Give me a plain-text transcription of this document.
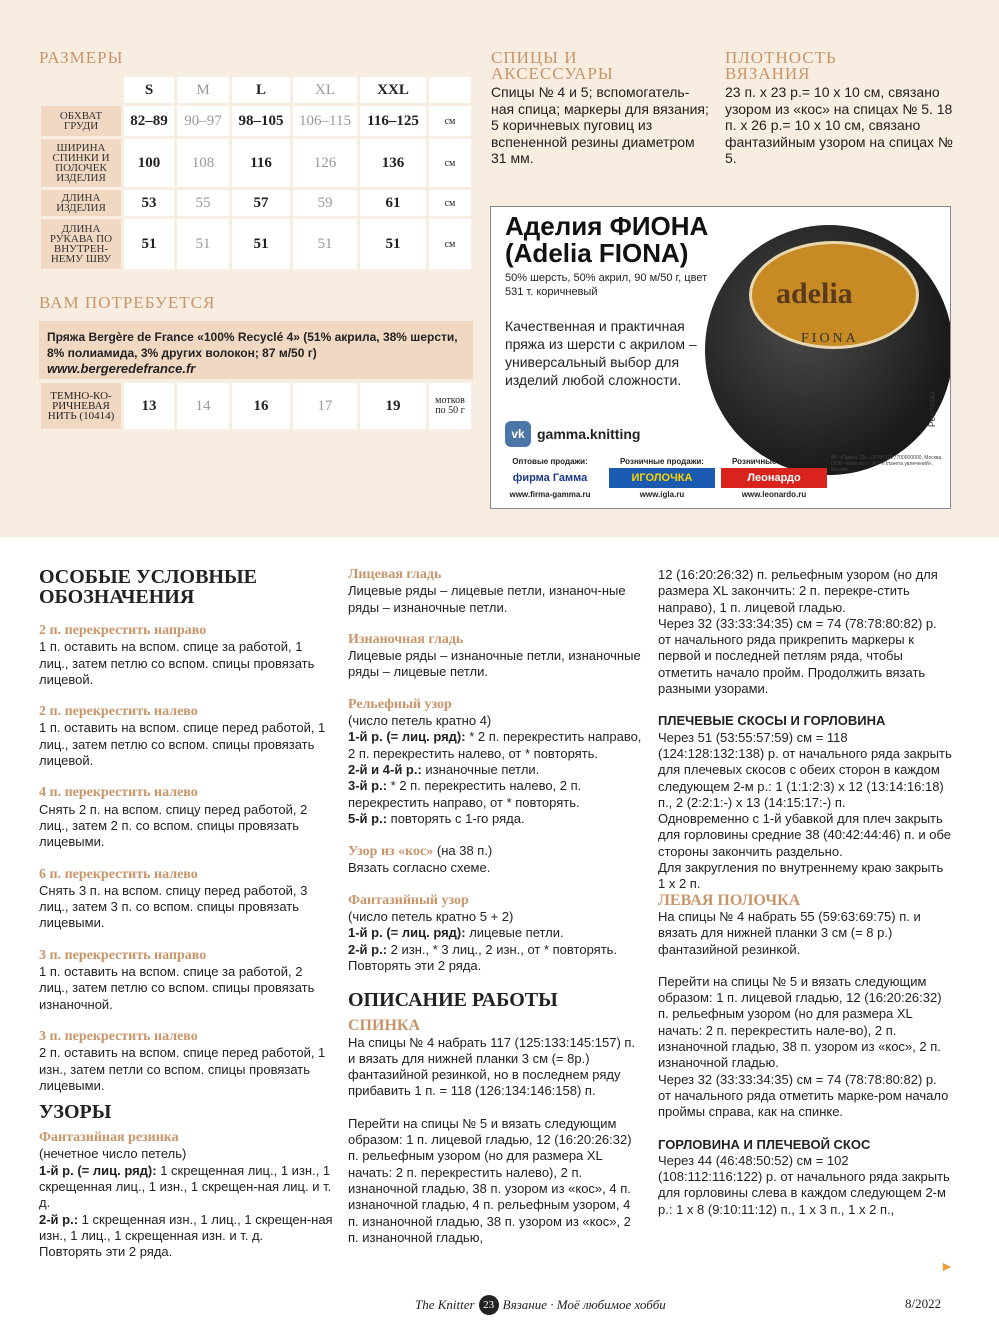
РАЗМЕРЫ
	S	M	L	XL	XXL	
ОБХВАТ ГРУДИ	82–89	90–97	98–105	106–115	116–125	см
ШИРИНА СПИНКИ И ПОЛОЧЕК ИЗДЕЛИЯ	100	108	116	126	136	см
ДЛИНА ИЗДЕЛИЯ	53	55	57	59	61	см
ДЛИНА РУКАВА ПО ВНУТРЕН-НЕМУ ШВУ	51	51	51	51	51	см
СПИЦЫ И АКСЕССУАРЫ
Спицы № 4 и 5; вспомогатель-ная спица; маркеры для вязания; 5 коричневых пуговиц из вспененной резины диаметром 31 мм.
ПЛОТНОСТЬ ВЯЗАНИЯ
23 п. х 23 р.= 10 х 10 см, связано узором из «кос» на спицах № 5. 18 п. х 26 р.= 10 х 10 см, связано фантазийным узором на спицах № 5.
ВАМ ПОТРЕБУЕТСЯ
Пряжа Bergère de France «100% Recyclé 4» (51% акрила, 38% шерсти, 8% полиамида, 3% других волокон; 87 м/50 г)
www.bergeredefrance.fr
ТЕМНО-КО-РИЧНЕВАЯ НИТЬ (10414)	13	14	16	17	19	мотков по 50 г
adelia
FIONA
Аделия ФИОНА (Adelia FIONA)
50% шерсть, 50% акрил, 90 м/50 г, цвет 531 т. коричневый
Качественная и практичная пряжа из шерсти с акрилом – универсальный выбор для изделий любой сложности.
vk gamma.knitting
Реклама
Оптовые продажи:
фирма Гамма
www.firma-gamma.ru
Розничные продажи:
ИГОЛОЧКА
www.igla.ru
Розничные продажи:
Леонардо
www.leonardo.ru
АО «Гамма ТД», ОГРН 1027700000000, Москва. ООО «Камелот». АО «Планета увлечений», Москва.

ОСОБЫЕ УСЛОВНЫЕ ОБОЗНАЧЕНИЯ

2 п. перекрестить направо

1 п. оставить на вспом. спице за работой, 1 лиц., затем петлю со вспом. спицы провязать лицевой.

2 п. перекрестить налево

1 п. оставить на вспом. спице перед работой, 1 лиц., затем петлю со вспом. спицы провязать лицевой.

4 п. перекрестить налево

Снять 2 п. на вспом. спицу перед работой, 2 лиц., затем 2 п. со вспом. спицы провязать лицевыми.

6 п. перекрестить налево

Снять 3 п. на вспом. спицу перед работой, 3 лиц., затем 3 п. со вспом. спицы провязать лицевыми.

3 п. перекрестить направо

1 п. оставить на вспом. спице за работой, 2 лиц., затем петлю со вспом. спицы провязать изнаночной.

3 п. перекрестить налево

2 п. оставить на вспом. спице перед работой, 1 изн., затем петли со вспом. спицы провязать лицевыми.

УЗОРЫ

Фантазийная резинка

(нечетное число петель)

1-й р. (= лиц. ряд): 1 скрещенная лиц., 1 изн., 1 скрещенная лиц., 1 изн., 1 скрещен-ная лиц. и т. д.

2-й р.: 1 скрещенная изн., 1 лиц., 1 скрещен-ная изн., 1 лиц., 1 скрещенная изн. и т. д.

Повторять эти 2 ряда.

Лицевая гладь

Лицевые ряды – лицевые петли, изнаноч-ные ряды – изнаночные петли.

Изнаночная гладь

Лицевые ряды – изнаночные петли, изнаночные ряды – лицевые петли.

Рельефный узор

(число петель кратно 4)

1-й р. (= лиц. ряд): * 2 п. перекрестить направо, 2 п. перекрестить налево, от * повторять.

2-й и 4-й р.: изнаночные петли.

3-й р.: * 2 п. перекрестить налево, 2 п. перекрестить направо, от * повторять.

5-й р.: повторять с 1-го ряда.

Узор из «кос» (на 38 п.)

Вязать согласно схеме.

Фантазийный узор

(число петель кратно 5 + 2)

1-й р. (= лиц. ряд): лицевые петли.

2-й р.: 2 изн., * 3 лиц., 2 изн., от * повторять.

Повторять эти 2 ряда.

ОПИСАНИЕ РАБОТЫ

СПИНКА

На спицы № 4 набрать 117 (125:133:145:157) п. и вязать для нижней планки 3 см (= 8р.) фантазийной резинкой, но в последнем ряду прибавить 1 п. = 118 (126:134:146:158) п.

Перейти на спицы № 5 и вязать следующим образом: 1 п. лицевой гладью, 12 (16:20:26:32) п. рельефным узором (но для размера XL начать: 2 п. перекрестить налево), 2 п. изнаночной гладью, 38 п. узором из «кос», 4 п. изнаночной гладью, 4 п. рельефным узором, 4 п. изнаночной гладью, 38 п. узором из «кос», 2 п. изнаночной гладью,

12 (16:20:26:32) п. рельефным узором (но для размера XL закончить: 2 п. перекре-стить направо), 1 п. лицевой гладью.

Через 32 (33:33:34:35) см = 74 (78:78:80:82) р. от начального ряда прикрепить маркеры к первой и последней петлям ряда, чтобы отметить начало пройм. Продолжить вязать разными узорами.

ПЛЕЧЕВЫЕ СКОСЫ И ГОРЛОВИНА

Через 51 (53:55:57:59) см = 118 (124:128:132:138) р. от начального ряда закрыть для плечевых скосов с обеих сторон в каждом следующем 2-м р.: 1 (1:1:2:3) х 12 (13:14:16:18) п., 2 (2:2:1:-) х 13 (14:15:17:-) п.

Одновременно с 1-й убавкой для плеч закрыть для горловины средние 38 (40:42:44:46) п. и обе стороны закончить раздельно.

Для закругления по внутреннему краю закрыть 1 х 2 п.

ЛЕВАЯ ПОЛОЧКА

На спицы № 4 набрать 55 (59:63:69:75) п. и вязать для нижней планки 3 см (= 8 р.) фантазийной резинкой.

Перейти на спицы № 5 и вязать следующим образом: 1 п. лицевой гладью, 12 (16:20:26:32) п. рельефным узором (но для размера XL начать: 2 п. перекрестить нале-во), 2 п. изнаночной гладью, 38 п. узором из «кос», 2 п. изнаночной гладью.

Через 32 (33:33:34:35) см = 74 (78:78:80:82) р. от начального ряда отметить марке-ром начало проймы справа, как на спинке.

ГОРЛОВИНА И ПЛЕЧЕВОЙ СКОС

Через 44 (46:48:50:52) см = 102 (108:112:116:122) р. от начального ряда закрыть для горловины слева в каждом следующем 2-м р.: 1 х 8 (9:10:11:12) п., 1 х 3 п., 1 х 2 п.,

►
The Knitter 23 Вязание · Моё любимое хобби	8/2022
